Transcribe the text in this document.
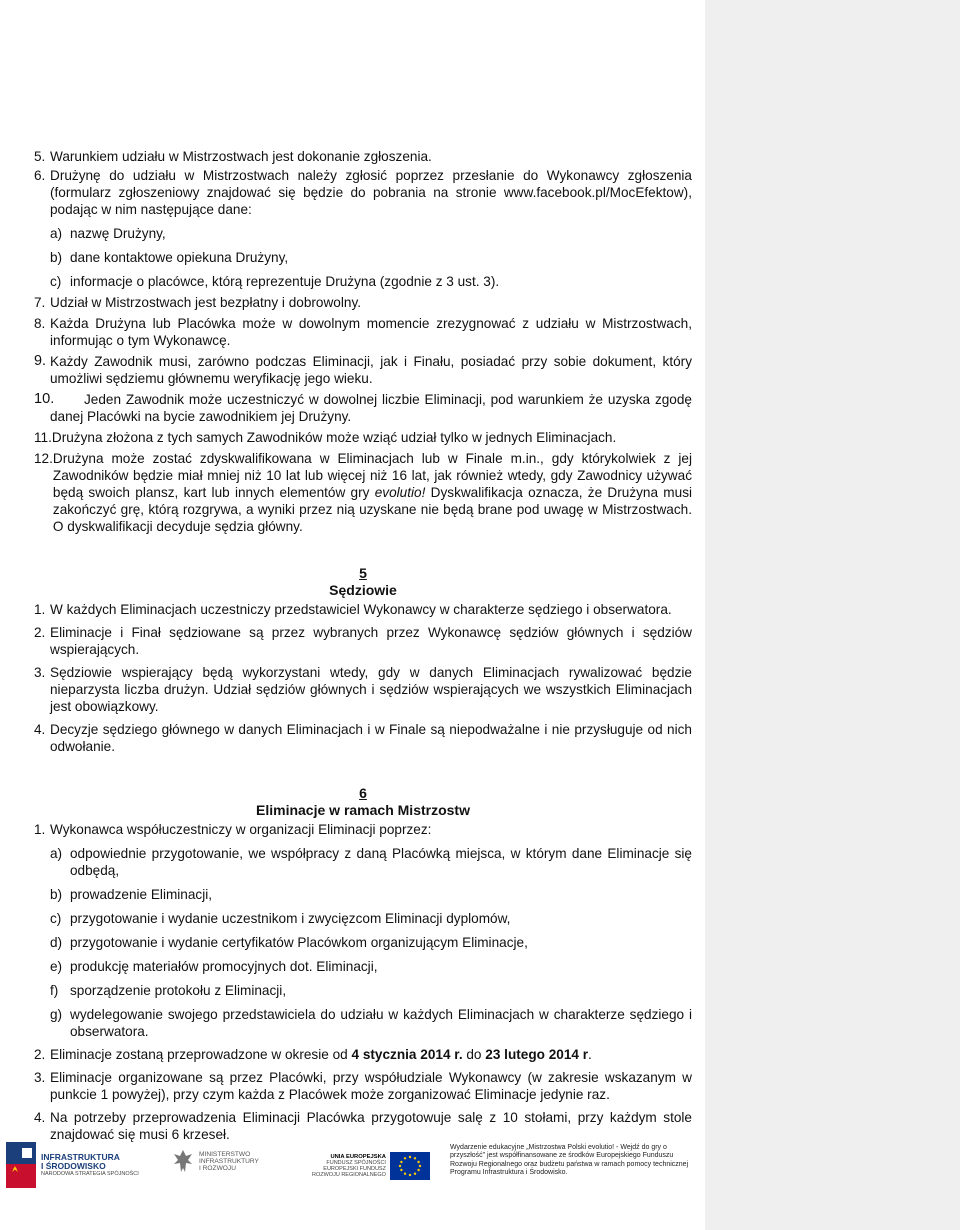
5. Warunkiem udziału w Mistrzostwach jest dokonanie zgłoszenia.
6. Drużynę do udziału w Mistrzostwach należy zgłosić poprzez przesłanie do Wykonawcy zgłoszenia (formularz zgłoszeniowy znajdować się będzie do pobrania na stronie www.facebook.pl/MocEfektow), podając w nim następujące dane:
a) nazwę Drużyny,
b) dane kontaktowe opiekuna Drużyny,
c) informacje o placówce, którą reprezentuje Drużyna (zgodnie z 3 ust. 3).
7. Udział w Mistrzostwach jest bezpłatny i dobrowolny.
8. Każda Drużyna lub Placówka może w dowolnym momencie zrezygnować z udziału w Mistrzostwach, informując o tym Wykonawcę.
9. Każdy Zawodnik musi, zarówno podczas Eliminacji, jak i Finału, posiadać przy sobie dokument, który umożliwi sędziemu głównemu weryfikację jego wieku.
10.	Jeden Zawodnik może uczestniczyć w dowolnej liczbie Eliminacji, pod warunkiem że uzyska zgodę danej Placówki na bycie zawodnikiem jej Drużyny.
11. Drużyna złożona z tych samych Zawodników może wziąć udział tylko w jednych Eliminacjach.
12. Drużyna może zostać zdyskwalifikowana w Eliminacjach lub w Finale m.in., gdy którykolwiek z jej Zawodników będzie miał mniej niż 10 lat lub więcej niż 16 lat, jak również wtedy, gdy Zawodnicy używać będą swoich plansz, kart lub innych elementów gry evolutio! Dyskwalifikacja oznacza, że Drużyna musi zakończyć grę, którą rozgrywa, a wyniki przez nią uzyskane nie będą brane pod uwagę w Mistrzostwach. O dyskwalifikacji decyduje sędzia główny.
5
Sędziowie
1. W każdych Eliminacjach uczestniczy przedstawiciel Wykonawcy w charakterze sędziego i obserwatora.
2. Eliminacje i Finał sędziowane są przez wybranych przez Wykonawcę sędziów głównych i sędziów wspierających.
3. Sędziowie wspierający będą wykorzystani wtedy, gdy w danych Eliminacjach rywalizować będzie nieparzysta liczba drużyn. Udział sędziów głównych i sędziów wspierających we wszystkich Eliminacjach jest obowiązkowy.
4. Decyzje sędziego głównego w danych Eliminacjach i w Finale są niepodważalne i nie przysługuje od nich odwołanie.
6
Eliminacje w ramach Mistrzostw
1. Wykonawca współuczestniczy w organizacji Eliminacji poprzez:
a) odpowiednie przygotowanie, we współpracy z daną Placówką miejsca, w którym dane Eliminacje się odbędą,
b) prowadzenie Eliminacji,
c) przygotowanie i wydanie uczestnikom i zwycięzcom Eliminacji dyplomów,
d) przygotowanie i wydanie certyfikatów Placówkom organizującym Eliminacje,
e) produkcję materiałów promocyjnych dot. Eliminacji,
f) sporządzenie protokołu z Eliminacji,
g) wydelegowanie swojego przedstawiciela do udziału w każdych Eliminacjach w charakterze sędziego i obserwatora.
2. Eliminacje zostaną przeprowadzone w okresie od 4 stycznia 2014 r. do 23 lutego 2014 r.
3. Eliminacje organizowane są przez Placówki, przy współudziale Wykonawcy (w zakresie wskazanym w punkcie 1 powyżej), przy czym każda z Placówek może zorganizować Eliminacje jedynie raz.
4. Na potrzeby przeprowadzenia Eliminacji Placówka przygotowuje salę z 10 stołami, przy każdym stole znajdować się musi 6 krzeseł.
INFRASTRUKTURA
I ŚRODOWISKO
NARODOWA STRATEGIA SPÓJNOŚCI
MINISTERSTWO
INFRASTRUKTURY
I ROZWOJU
UNIA EUROPEJSKA
FUNDUSZ SPÓJNOŚCI
EUROPEJSKI FUNDUSZ
ROZWOJU REGIONALNEGO
Wydarzenie edukacyjne „Mistrzostwa Polski evolutio! - Wejdź do gry o przyszłość” jest współfinansowane ze środków Europejskiego Funduszu Rozwoju Regionalnego oraz budżetu państwa w ramach pomocy technicznej Programu Infrastruktura i Środowisko.
